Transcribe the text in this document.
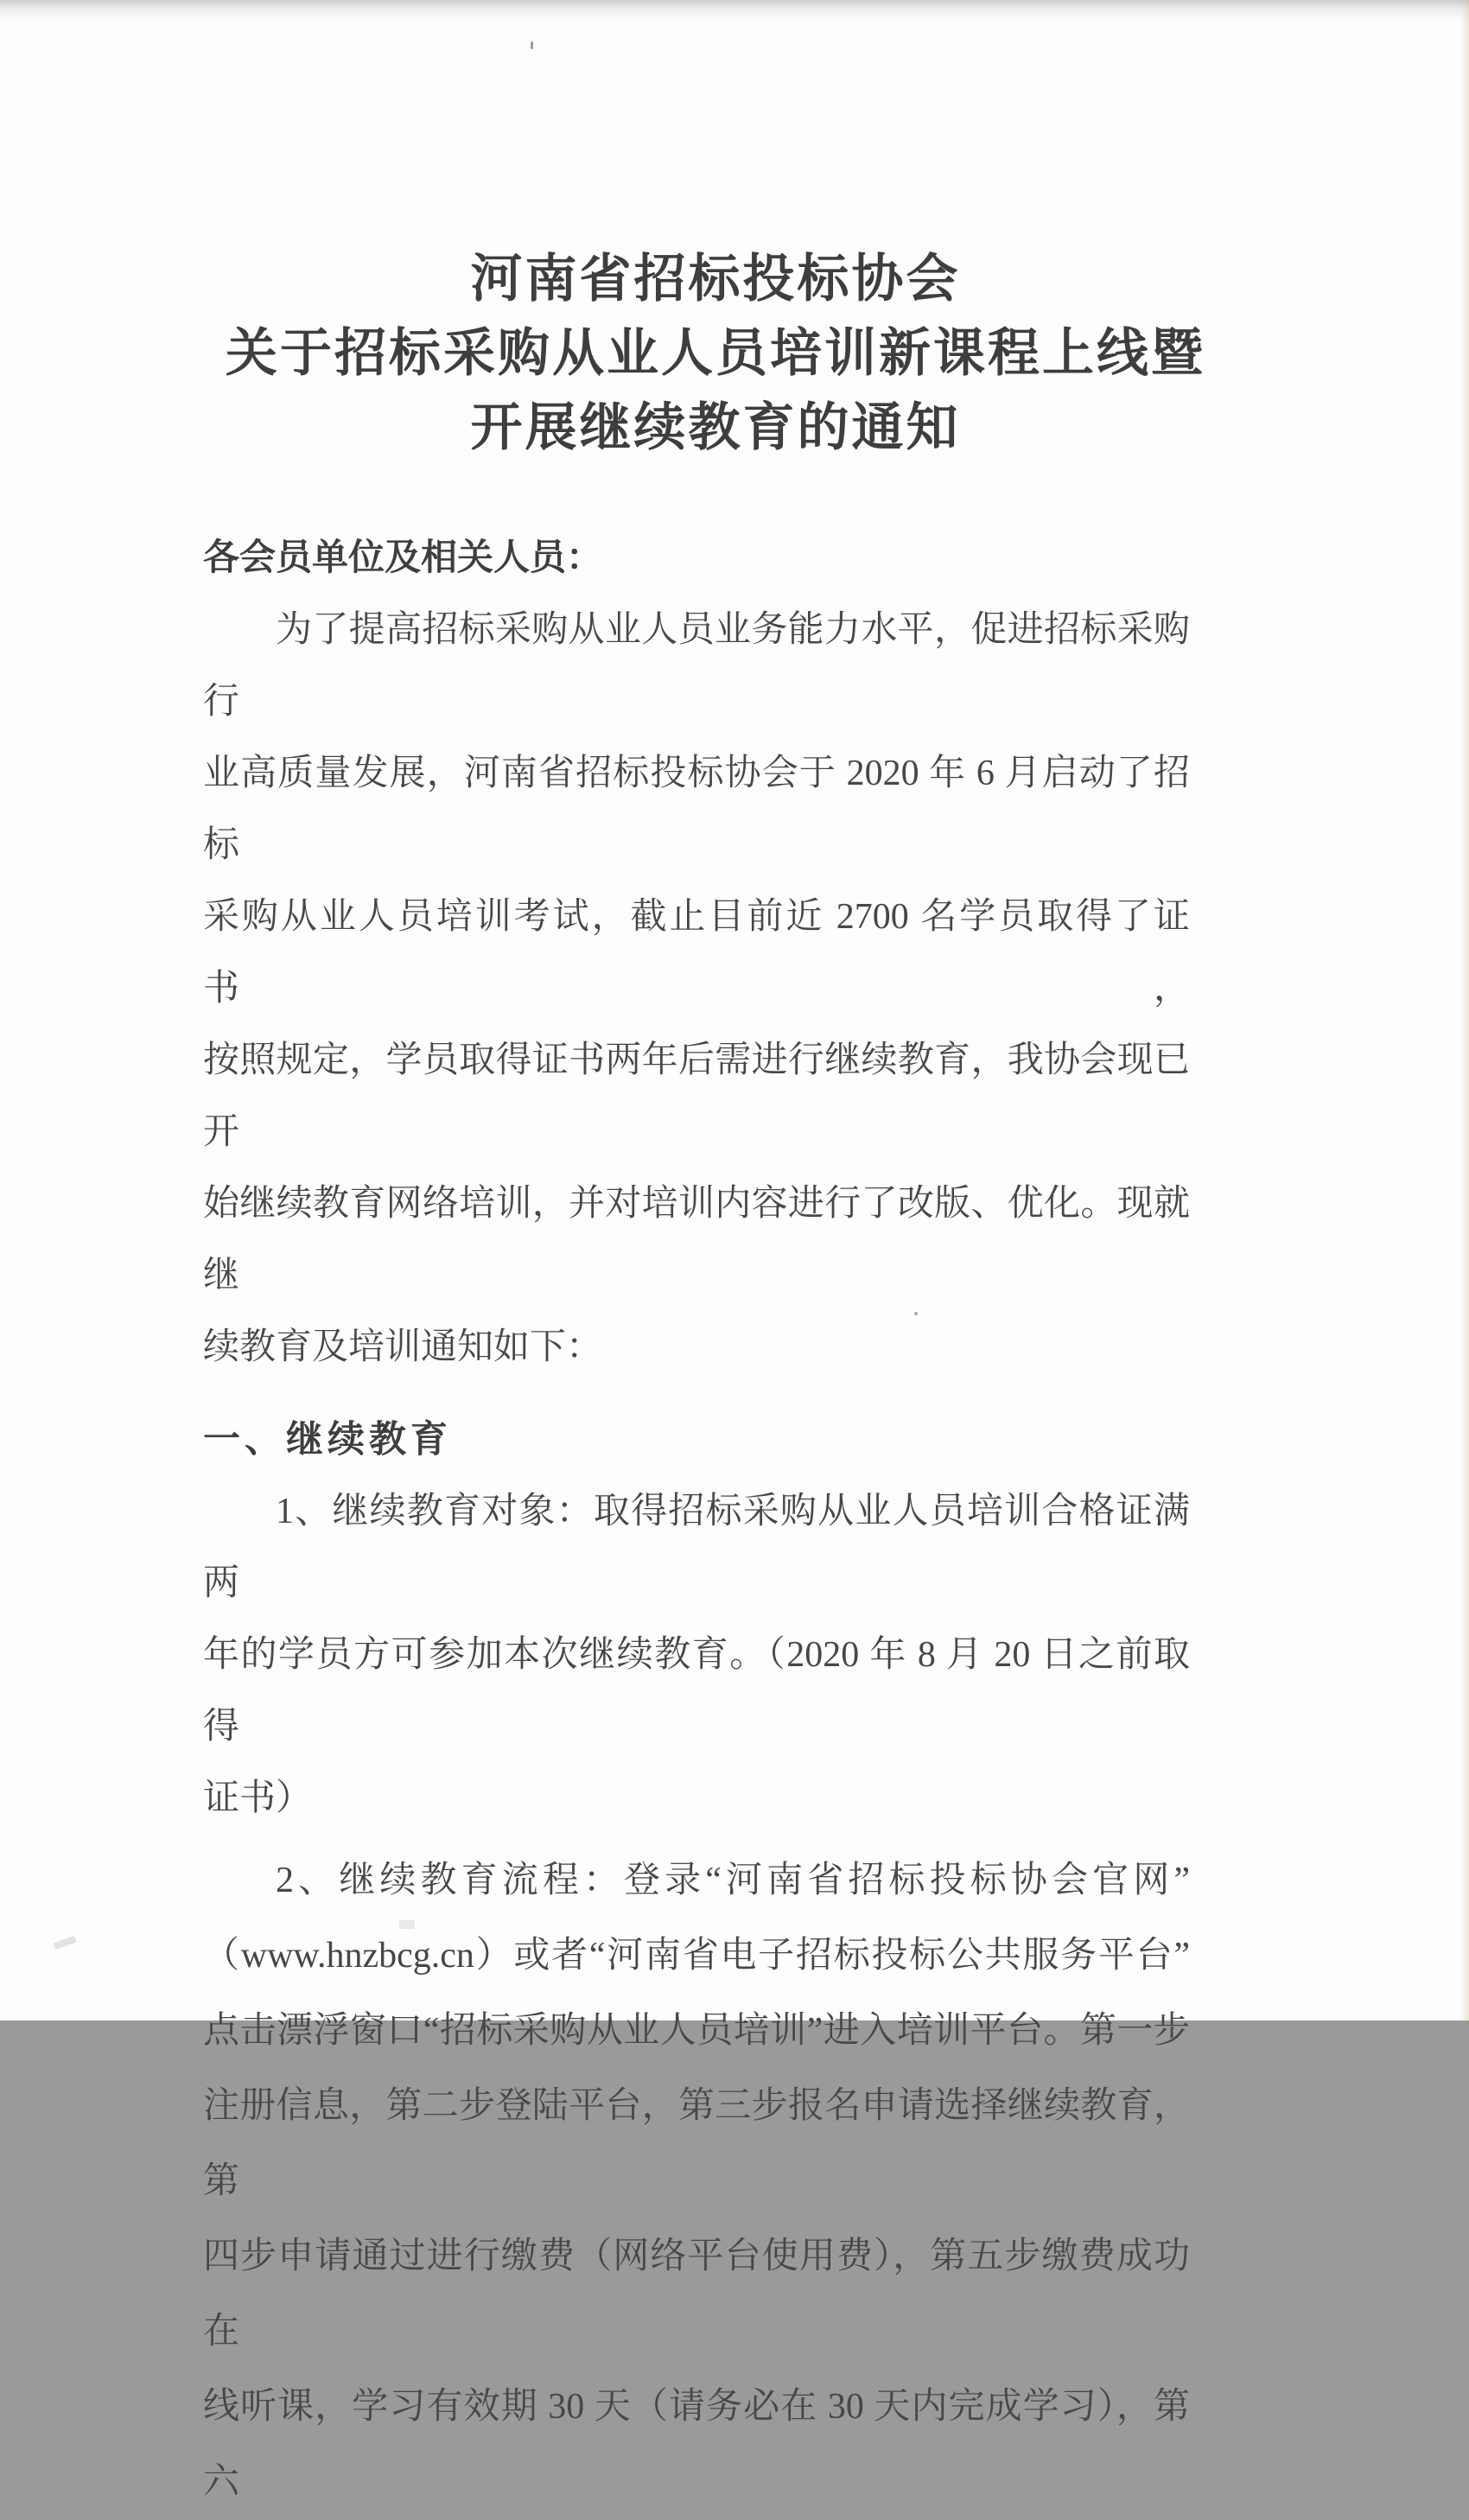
河南省招标投标协会
关于招标采购从业人员培训新课程上线暨
开展继续教育的通知
各会员单位及相关人员：
为了提高招标采购从业人员业务能力水平，促进招标采购行
业高质量发展，河南省招标投标协会于 2020 年 6 月启动了招标
采购从业人员培训考试，截止目前近 2700 名学员取得了证书，
按照规定，学员取得证书两年后需进行继续教育，我协会现已开
始继续教育网络培训，并对培训内容进行了改版、优化。现就继
续教育及培训通知如下：
一、继续教育
1、继续教育对象：取得招标采购从业人员培训合格证满两
年的学员方可参加本次继续教育。（2020 年 8 月 20 日之前取得
证书）
2、继续教育流程：登录“河南省招标投标协会官网”
（www.hnzbcg.cn）或者“河南省电子招标投标公共服务平台”
点击漂浮窗口“招标采购从业人员培训”进入培训平台。第一步
注册信息，第二步登陆平台，第三步报名申请选择继续教育，第
四步申请通过进行缴费（网络平台使用费），第五步缴费成功在
线听课，学习有效期 30 天（请务必在 30 天内完成学习），第六
